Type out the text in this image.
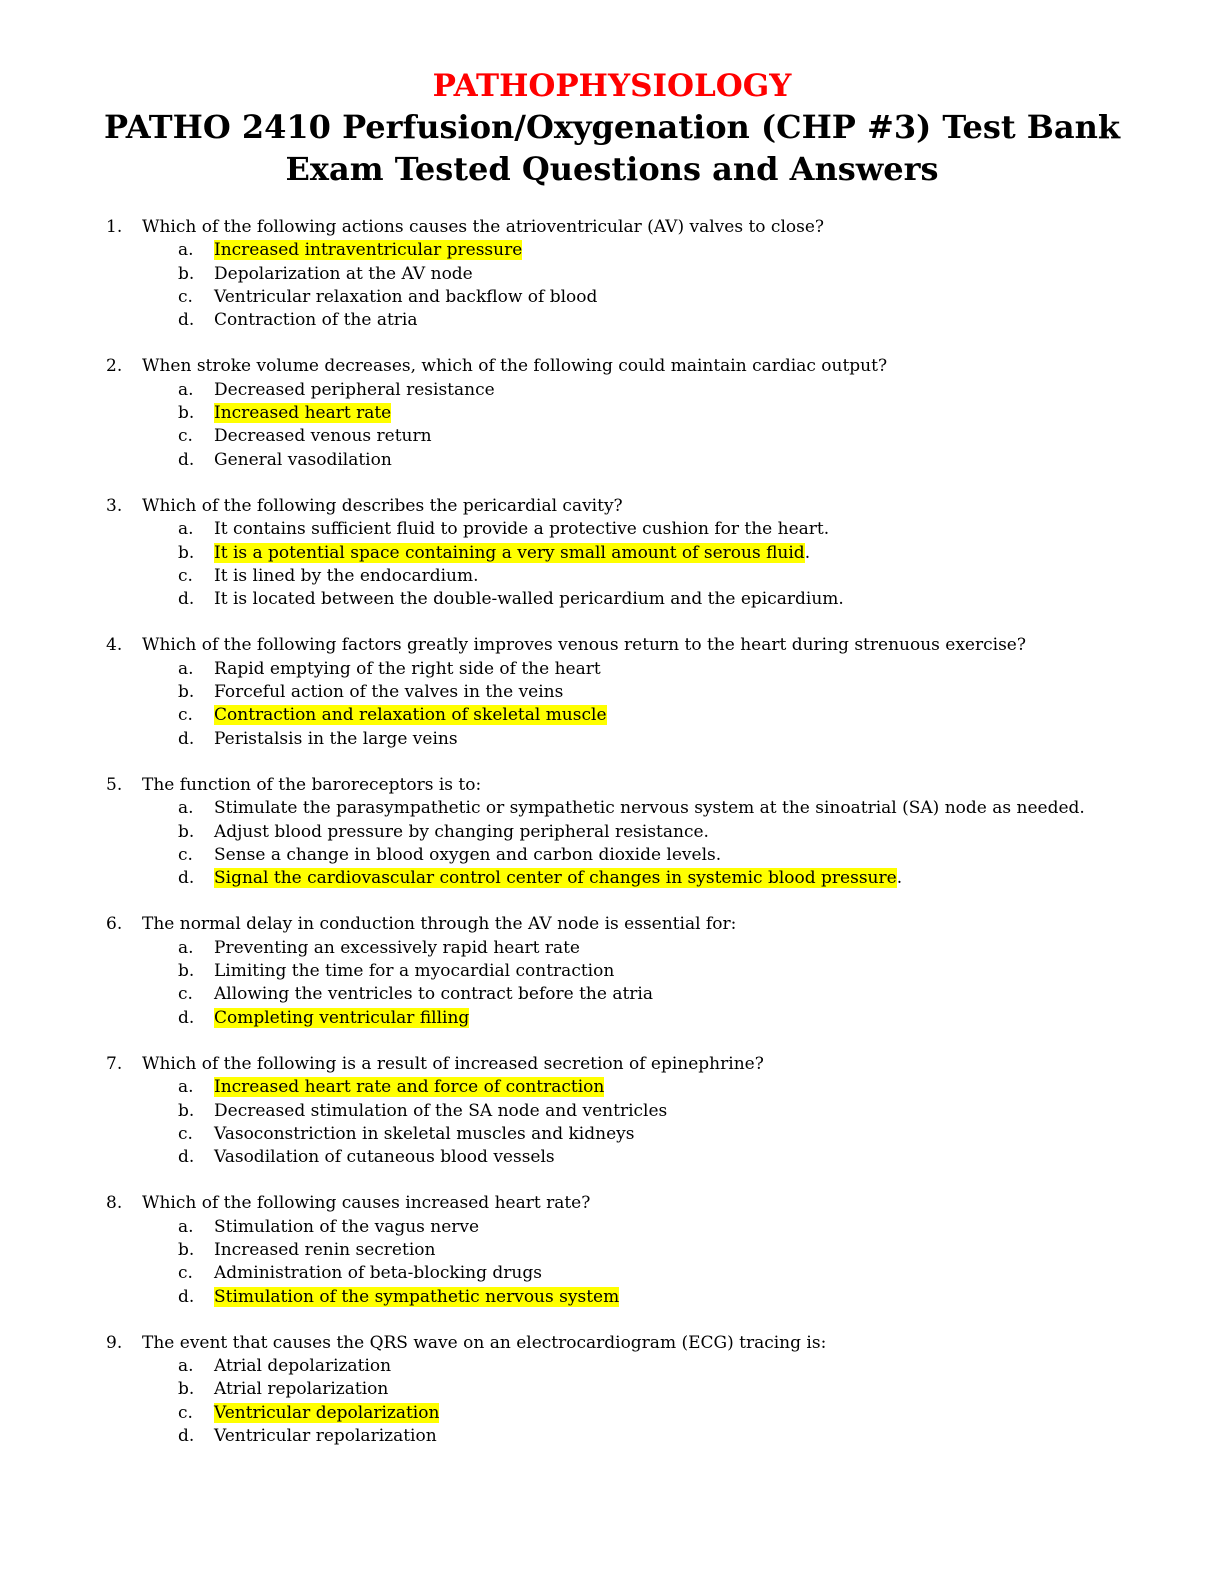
PATHOPHYSIOLOGY
PATHO 2410 Perfusion/Oxygenation (CHP #3) Test Bank
Exam Tested Questions and Answers
1.	Which of the following actions causes the atrioventricular (AV) valves to close?
a.	Increased intraventricular pressure
b.	Depolarization at the AV node
c.	Ventricular relaxation and backflow of blood
d.	Contraction of the atria
2.	When stroke volume decreases, which of the following could maintain cardiac output?
a.	Decreased peripheral resistance
b.	Increased heart rate
c.	Decreased venous return
d.	General vasodilation
3.	Which of the following describes the pericardial cavity?
a.	It contains sufficient fluid to provide a protective cushion for the heart.
b.	It is a potential space containing a very small amount of serous fluid.
c.	It is lined by the endocardium.
d.	It is located between the double-walled pericardium and the epicardium.
4.	Which of the following factors greatly improves venous return to the heart during strenuous exercise?
a.	Rapid emptying of the right side of the heart
b.	Forceful action of the valves in the veins
c.	Contraction and relaxation of skeletal muscle
d.	Peristalsis in the large veins
5.	The function of the baroreceptors is to:
a.	Stimulate the parasympathetic or sympathetic nervous system at the sinoatrial (SA) node as needed.
b.	Adjust blood pressure by changing peripheral resistance.
c.	Sense a change in blood oxygen and carbon dioxide levels.
d.	Signal the cardiovascular control center of changes in systemic blood pressure.
6.	The normal delay in conduction through the AV node is essential for:
a.	Preventing an excessively rapid heart rate
b.	Limiting the time for a myocardial contraction
c.	Allowing the ventricles to contract before the atria
d.	Completing ventricular filling
7.	Which of the following is a result of increased secretion of epinephrine?
a.	Increased heart rate and force of contraction
b.	Decreased stimulation of the SA node and ventricles
c.	Vasoconstriction in skeletal muscles and kidneys
d.	Vasodilation of cutaneous blood vessels
8.	Which of the following causes increased heart rate?
a.	Stimulation of the vagus nerve
b.	Increased renin secretion
c.	Administration of beta-blocking drugs
d.	Stimulation of the sympathetic nervous system
9.	The event that causes the QRS wave on an electrocardiogram (ECG) tracing is:
a.	Atrial depolarization
b.	Atrial repolarization
c.	Ventricular depolarization
d.	Ventricular repolarization
